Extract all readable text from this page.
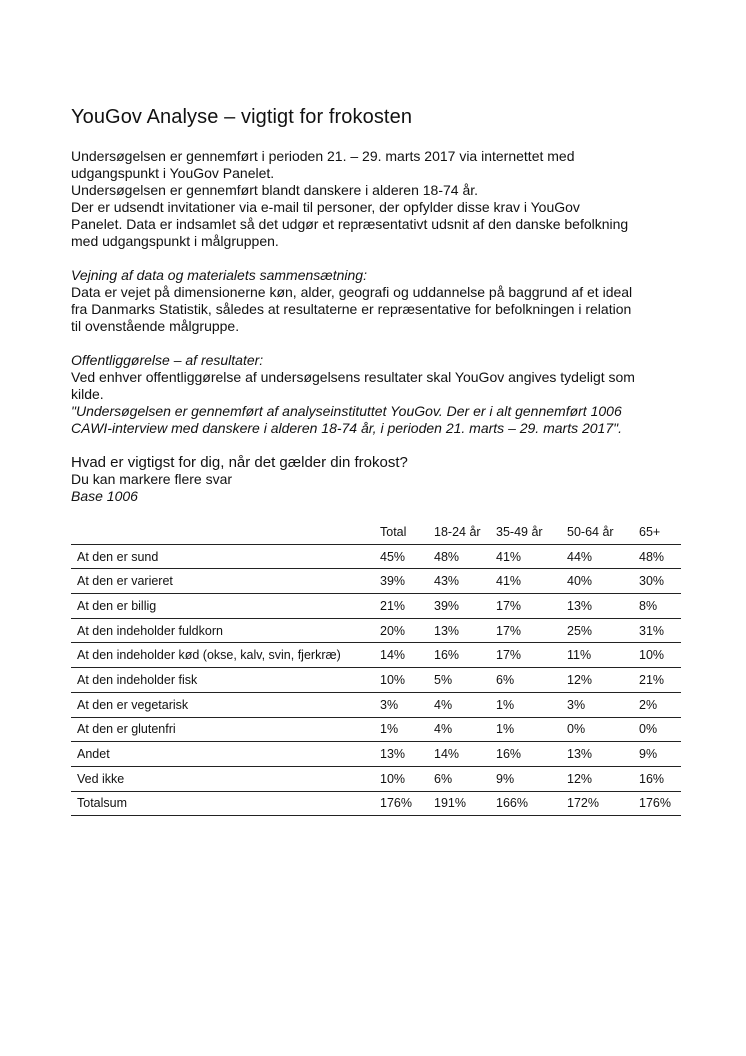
YouGov Analyse – vigtigt for frokosten

Undersøgelsen er gennemført i perioden 21. – 29. marts 2017 via internettet med

udgangspunkt i YouGov Panelet.

Undersøgelsen er gennemført blandt danskere i alderen 18-74 år.

Der er udsendt invitationer via e-mail til personer, der opfylder disse krav i YouGov

Panelet. Data er indsamlet så det udgør et repræsentativt udsnit af den danske befolkning

med udgangspunkt i målgruppen.

Vejning af data og materialets sammensætning:

Data er vejet på dimensionerne køn, alder, geografi og uddannelse på baggrund af et ideal

fra Danmarks Statistik, således at resultaterne er repræsentative for befolkningen i relation

til ovenstående målgruppe.

Offentliggørelse – af resultater:

Ved enhver offentliggørelse af undersøgelsens resultater skal YouGov angives tydeligt som

kilde.

"Undersøgelsen er gennemført af analyseinstituttet YouGov. Der er i alt gennemført 1006

CAWI-interview med danskere i alderen 18-74 år, i perioden 21. marts – 29. marts 2017".

Hvad er vigtigst for dig, når det gælder din frokost?

Du kan markere flere svar

Base 1006

	Total	18-24 år	35-49 år	50-64 år	65+
At den er sund	45%	48%	41%	44%	48%
At den er varieret	39%	43%	41%	40%	30%
At den er billig	21%	39%	17%	13%	8%
At den indeholder fuldkorn	20%	13%	17%	25%	31%
At den indeholder kød (okse, kalv, svin, fjerkræ)	14%	16%	17%	11%	10%
At den indeholder fisk	10%	5%	6%	12%	21%
At den er vegetarisk	3%	4%	1%	3%	2%
At den er glutenfri	1%	4%	1%	0%	0%
Andet	13%	14%	16%	13%	9%
Ved ikke	10%	6%	9%	12%	16%
Totalsum	176%	191%	166%	172%	176%
